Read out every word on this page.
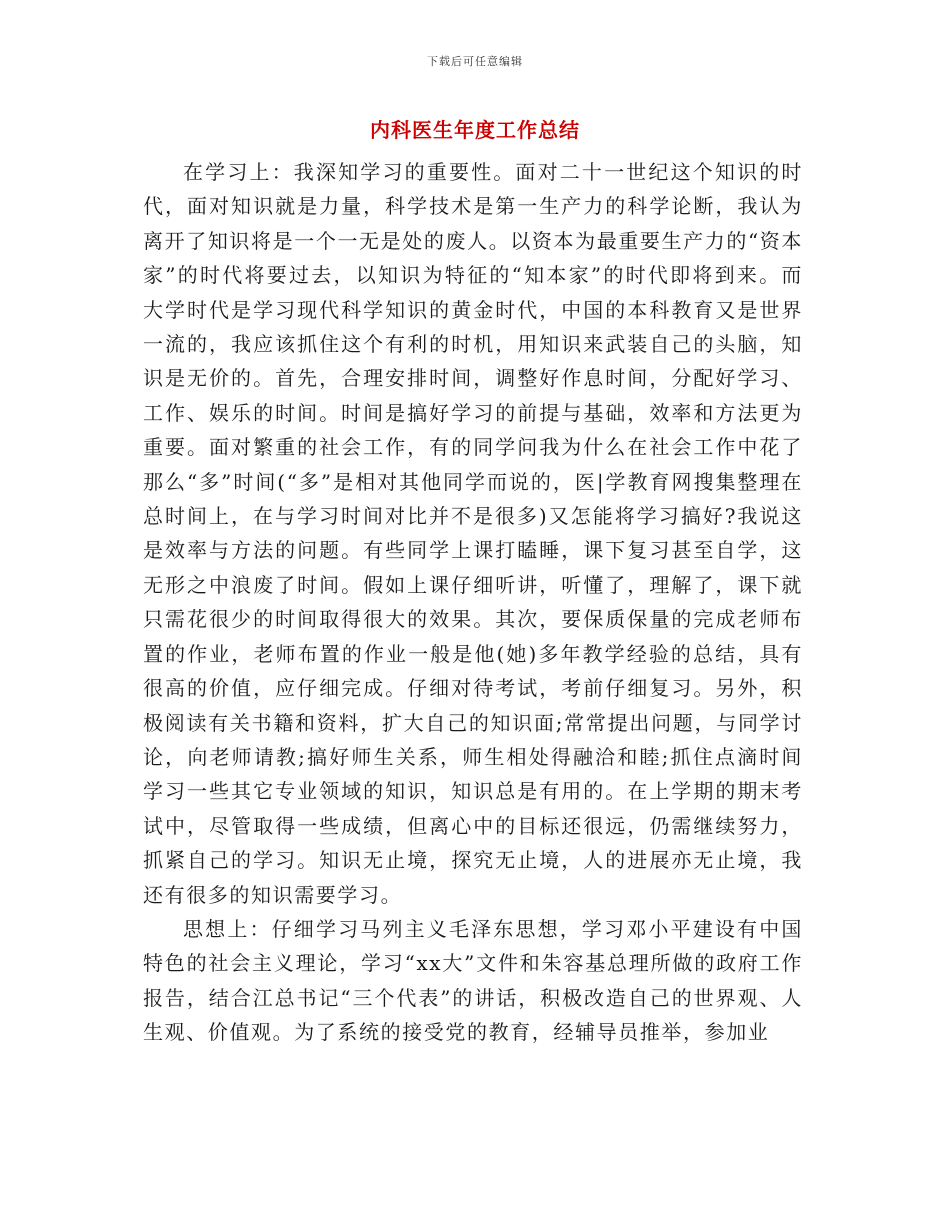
下载后可任意编辑
内科医生年度工作总结

在学习上：我深知学习的重要性。面对二十一世纪这个知识的时代，面对知识就是力量，科学技术是第一生产力的科学论断，我认为离开了知识将是一个一无是处的废人。以资本为最重要生产力的“资本家”的时代将要过去，以知识为特征的“知本家”的时代即将到来。而大学时代是学习现代科学知识的黄金时代，中国的本科教育又是世界一流的，我应该抓住这个有利的时机，用知识来武装自己的头脑，知识是无价的。首先，合理安排时间，调整好作息时间，分配好学习、工作、娱乐的时间。时间是搞好学习的前提与基础，效率和方法更为重要。面对繁重的社会工作，有的同学问我为什么在社会工作中花了那么“多”时间(“多”是相对其他同学而说的，医|学教育网搜集整理在总时间上，在与学习时间对比并不是很多)又怎能将学习搞好?我说这是效率与方法的问题。有些同学上课打瞌睡，课下复习甚至自学，这无形之中浪废了时间。假如上课仔细听讲，听懂了，理解了，课下就只需花很少的时间取得很大的效果。其次，要保质保量的完成老师布置的作业，老师布置的作业一般是他(她)多年教学经验的总结，具有很高的价值，应仔细完成。仔细对待考试，考前仔细复习。另外，积极阅读有关书籍和资料，扩大自己的知识面;常常提出问题，与同学讨论，向老师请教;搞好师生关系，师生相处得融洽和睦;抓住点滴时间学习一些其它专业领域的知识，知识总是有用的。在上学期的期末考试中，尽管取得一些成绩，但离心中的目标还很远，仍需继续努力，抓紧自己的学习。知识无止境，探究无止境，人的进展亦无止境，我还有很多的知识需要学习。

思想上：仔细学习马列主义毛泽东思想，学习邓小平建设有中国特色的社会主义理论，学习“xx大”文件和朱容基总理所做的政府工作报告，结合江总书记“三个代表”的讲话，积极改造自己的世界观、人生观、价值观。为了系统的接受党的教育，经辅导员推举，参加业
